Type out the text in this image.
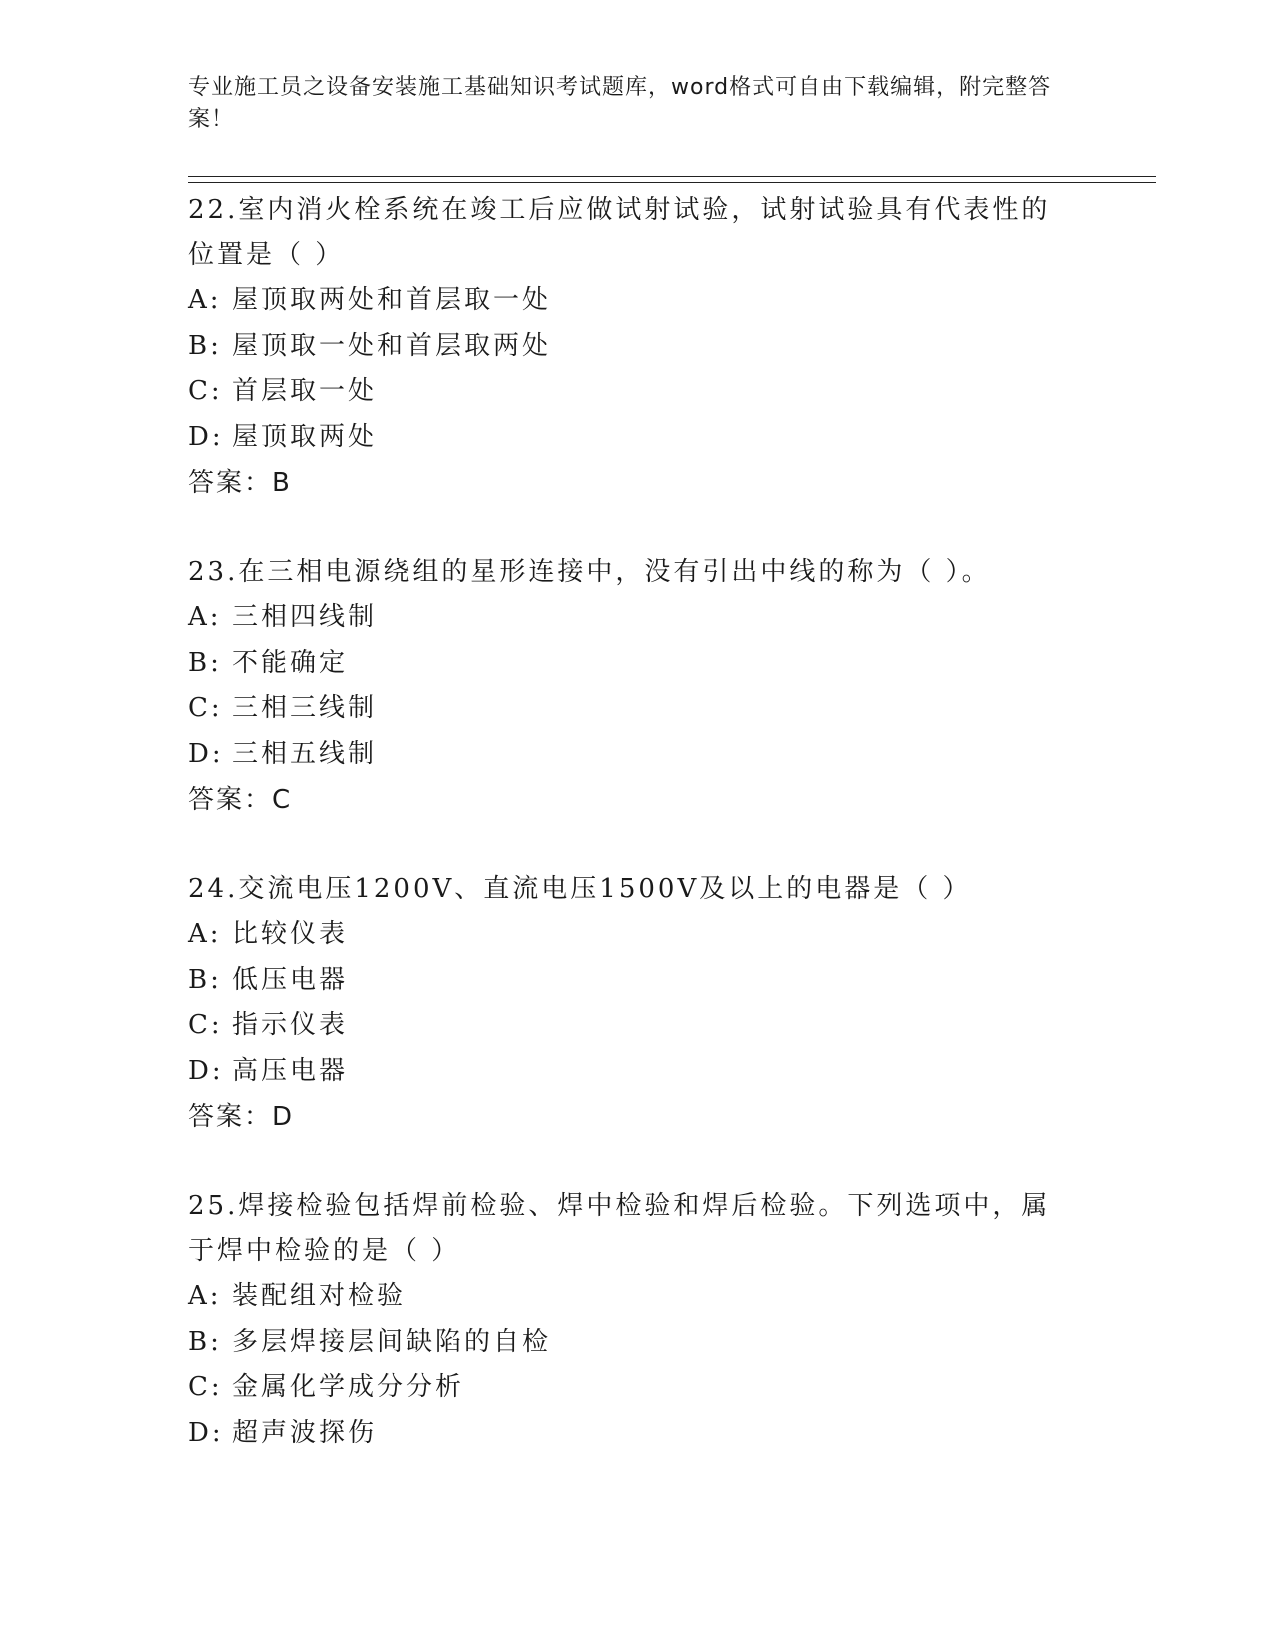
专业施工员之设备安装施工基础知识考试题库，word格式可自由下载编辑，附完整答案！

22.室内消火栓系统在竣工后应做试射试验，试射试验具有代表性的位置是（ ）

A: 屋顶取两处和首层取一处

B: 屋顶取一处和首层取两处

C: 首层取一处

D: 屋顶取两处

答案：B

23.在三相电源绕组的星形连接中，没有引出中线的称为（ ）。

A: 三相四线制

B: 不能确定

C: 三相三线制

D: 三相五线制

答案：C

24.交流电压1200V、直流电压1500V及以上的电器是（ ）

A: 比较仪表

B: 低压电器

C: 指示仪表

D: 高压电器

答案：D

25.焊接检验包括焊前检验、焊中检验和焊后检验。下列选项中，属于焊中检验的是（ ）

A: 装配组对检验

B: 多层焊接层间缺陷的自检

C: 金属化学成分分析

D: 超声波探伤
